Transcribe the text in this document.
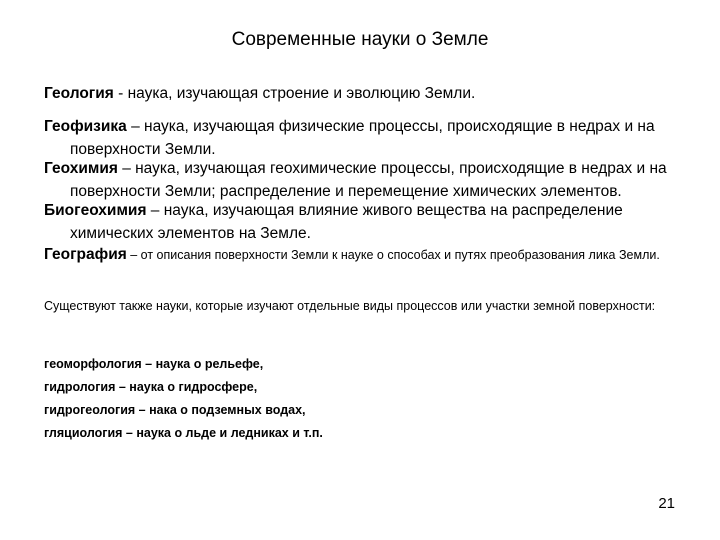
Современные науки о Земле
Геология - наука, изучающая строение и эволюцию Земли.
Геофизика – наука, изучающая физические процессы, происходящие в недрах и на поверхности Земли.
Геохимия – наука, изучающая геохимические процессы, происходящие в недрах и на поверхности Земли; распределение и перемещение химических элементов.
Биогеохимия – наука, изучающая влияние живого вещества на распределение химических элементов на Земле.
География – от описания поверхности Земли к науке о способах и путях преобразования лика Земли.
Существуют также науки, которые изучают отдельные виды процессов или участки земной поверхности:
геоморфология – наука о рельефе,
гидрология – наука о гидросфере,
гидрогеология – нака о подземных водах,
гляциология – наука о льде и ледниках и т.п.
21
